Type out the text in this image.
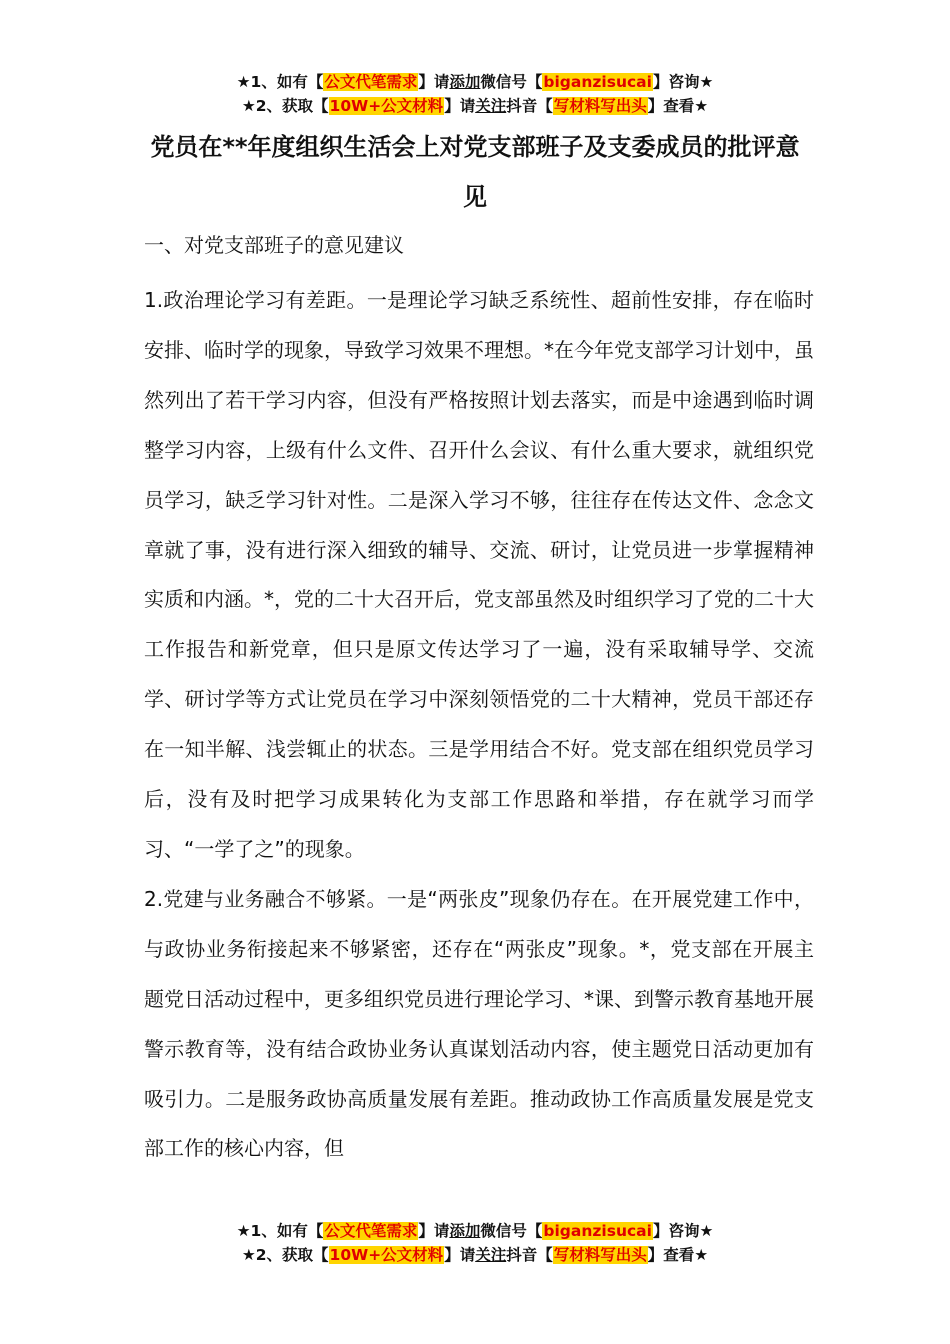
★1、如有【公文代笔需求】请添加微信号【biganzisucai】咨询★
★2、获取【10W+公文材料】请关注抖音【写材料写出头】查看★
党员在**年度组织生活会上对党支部班子及支委成员的批评意见
一、对党支部班子的意见建议

1.政治理论学习有差距。一是理论学习缺乏系统性、超前性安排，存在临时安排、临时学的现象，导致学习效果不理想。*在今年党支部学习计划中，虽然列出了若干学习内容，但没有严格按照计划去落实，而是中途遇到临时调整学习内容，上级有什么文件、召开什么会议、有什么重大要求，就组织党员学习，缺乏学习针对性。二是深入学习不够，往往存在传达文件、念念文章就了事，没有进行深入细致的辅导、交流、研讨，让党员进一步掌握精神实质和内涵。*，党的二十大召开后，党支部虽然及时组织学习了党的二十大工作报告和新党章，但只是原文传达学习了一遍，没有采取辅导学、交流学、研讨学等方式让党员在学习中深刻领悟党的二十大精神，党员干部还存在一知半解、浅尝辄止的状态。三是学用结合不好。党支部在组织党员学习后，没有及时把学习成果转化为支部工作思路和举措，存在就学习而学习、“一学了之”的现象。

2.党建与业务融合不够紧。一是“两张皮”现象仍存在。在开展党建工作中，与政协业务衔接起来不够紧密，还存在“两张皮”现象。*，党支部在开展主题党日活动过程中，更多组织党员进行理论学习、*课、到警示教育基地开展警示教育等，没有结合政协业务认真谋划活动内容，使主题党日活动更加有吸引力。二是服务政协高质量发展有差距。推动政协工作高质量发展是党支部工作的核心内容，但

★1、如有【公文代笔需求】请添加微信号【biganzisucai】咨询★
★2、获取【10W+公文材料】请关注抖音【写材料写出头】查看★
